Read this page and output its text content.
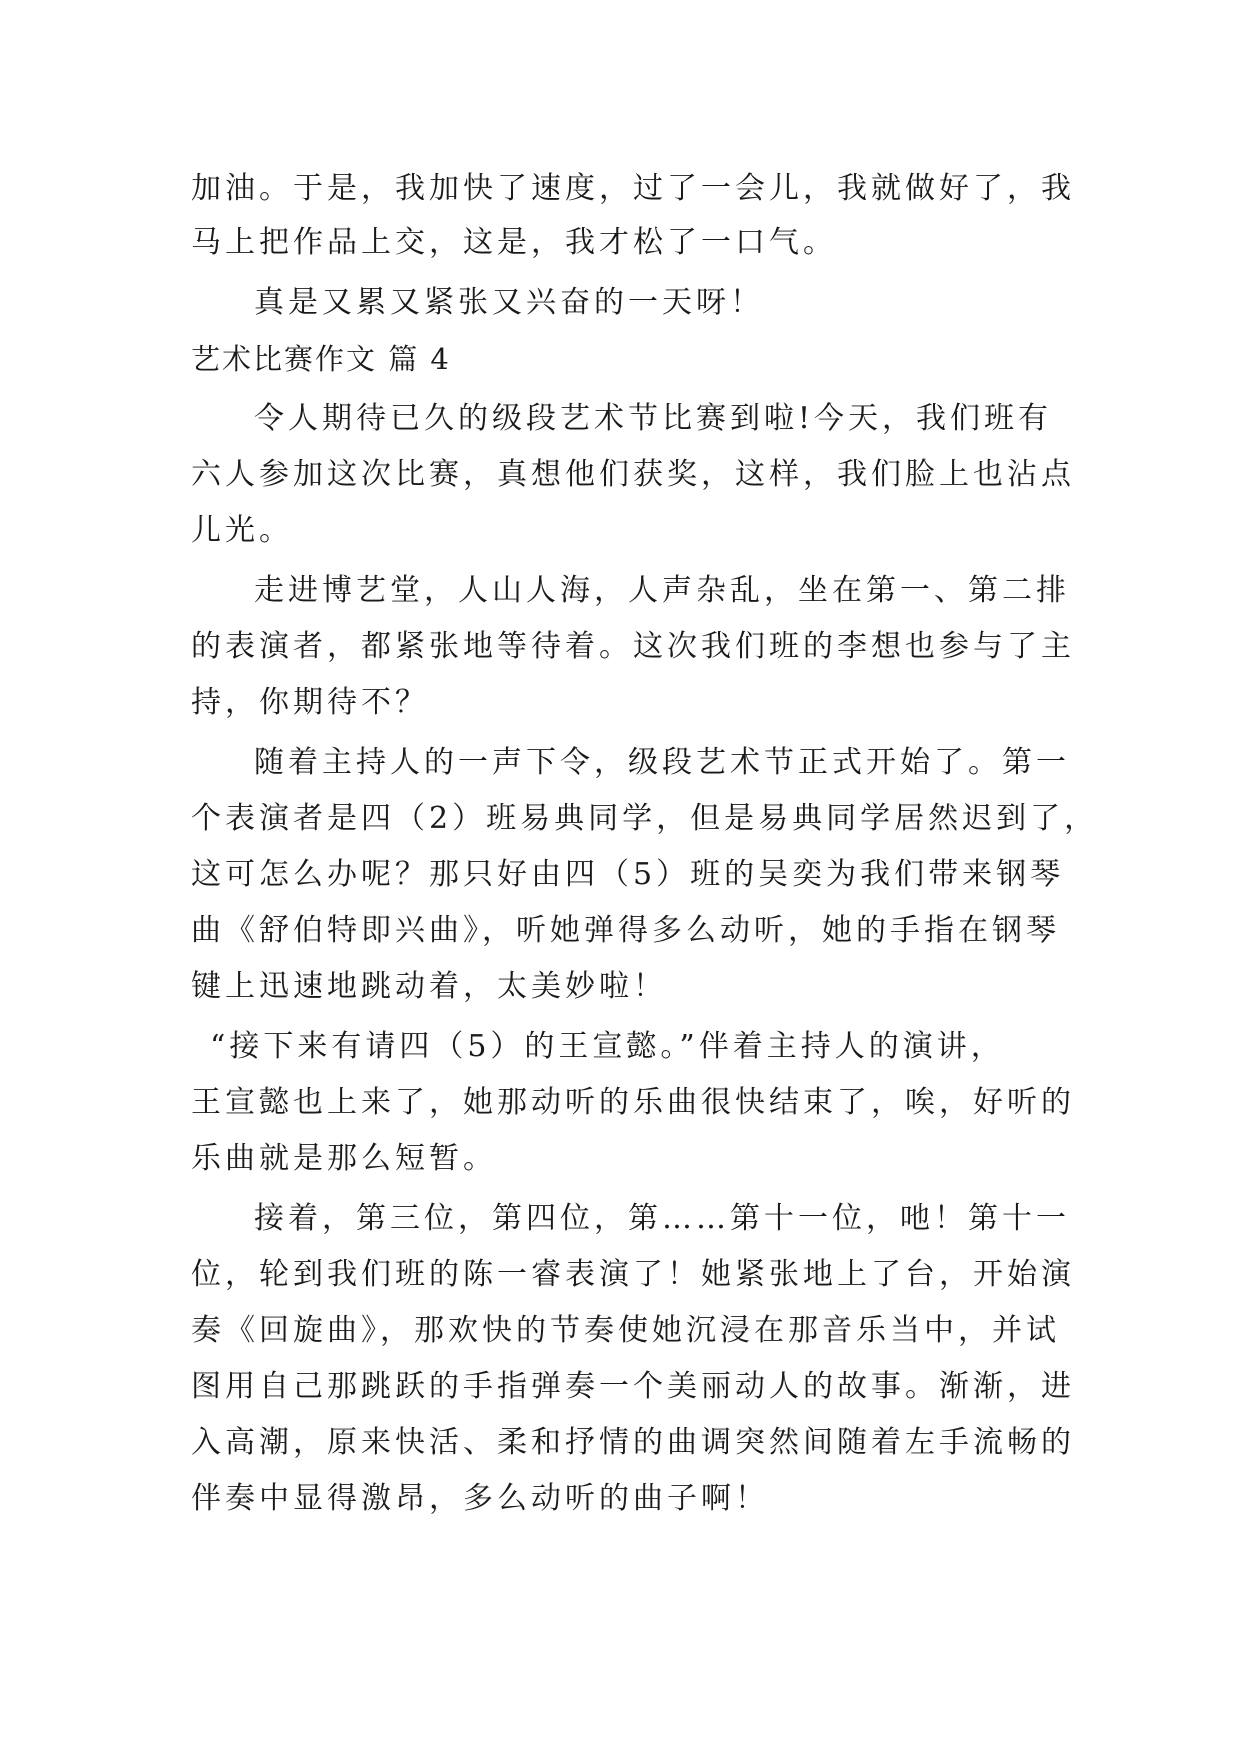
加油。于是，我加快了速度，过了一会儿，我就做好了，我
马上把作品上交，这是，我才松了一口气。
真是又累又紧张又兴奋的一天呀！
艺术比赛作文 篇 4
令人期待已久的级段艺术节比赛到啦!今天，我们班有
六人参加这次比赛，真想他们获奖，这样，我们脸上也沾点
儿光。
走进博艺堂，人山人海，人声杂乱，坐在第一、第二排
的表演者，都紧张地等待着。这次我们班的李想也参与了主
持，你期待不？
随着主持人的一声下令，级段艺术节正式开始了。第一
个表演者是四（2）班易典同学，但是易典同学居然迟到了，
这可怎么办呢？那只好由四（5）班的吴奕为我们带来钢琴
曲《舒伯特即兴曲》，听她弹得多么动听，她的手指在钢琴
键上迅速地跳动着，太美妙啦！
“接下来有请四（5）的王宣懿。”伴着主持人的演讲，
王宣懿也上来了，她那动听的乐曲很快结束了，唉，好听的
乐曲就是那么短暂。
接着，第三位，第四位，第……第十一位，吔！第十一
位，轮到我们班的陈一睿表演了！她紧张地上了台，开始演
奏《回旋曲》，那欢快的节奏使她沉浸在那音乐当中，并试
图用自己那跳跃的手指弹奏一个美丽动人的故事。渐渐，进
入高潮，原来快活、柔和抒情的曲调突然间随着左手流畅的
伴奏中显得激昂，多么动听的曲子啊！
